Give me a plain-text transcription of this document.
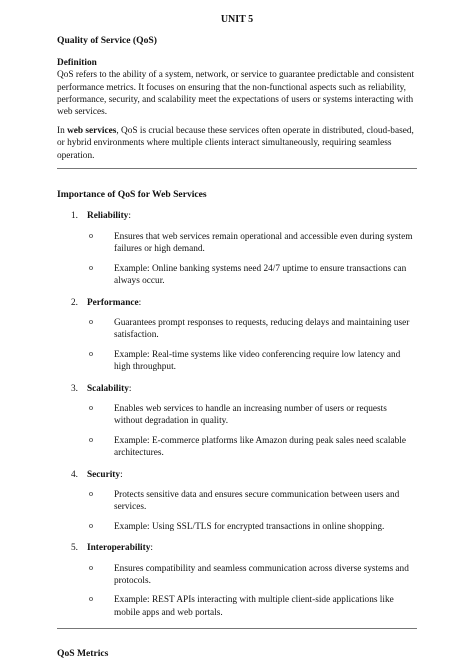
UNIT 5
Quality of Service (QoS)
Definition

QoS refers to the ability of a system, network, or service to guarantee predictable and consistent performance metrics. It focuses on ensuring that the non-functional aspects such as reliability, performance, security, and scalability meet the expectations of users or systems interacting with web services.

In web services, QoS is crucial because these services often operate in distributed, cloud-based, or hybrid environments where multiple clients interact simultaneously, requiring seamless operation.

Importance of QoS for Web Services
1. Reliability:
o Ensures that web services remain operational and accessible even during system failures or high demand.
o Example: Online banking systems need 24/7 uptime to ensure transactions can always occur.
2. Performance:
o Guarantees prompt responses to requests, reducing delays and maintaining user satisfaction.
o Example: Real-time systems like video conferencing require low latency and high throughput.
3. Scalability:
o Enables web services to handle an increasing number of users or requests without degradation in quality.
o Example: E-commerce platforms like Amazon during peak sales need scalable architectures.
4. Security:
o Protects sensitive data and ensures secure communication between users and services.
o Example: Using SSL/TLS for encrypted transactions in online shopping.
5. Interoperability:
o Ensures compatibility and seamless communication across diverse systems and protocols.
o Example: REST APIs interacting with multiple client-side applications like mobile apps and web portals.
QoS Metrics
